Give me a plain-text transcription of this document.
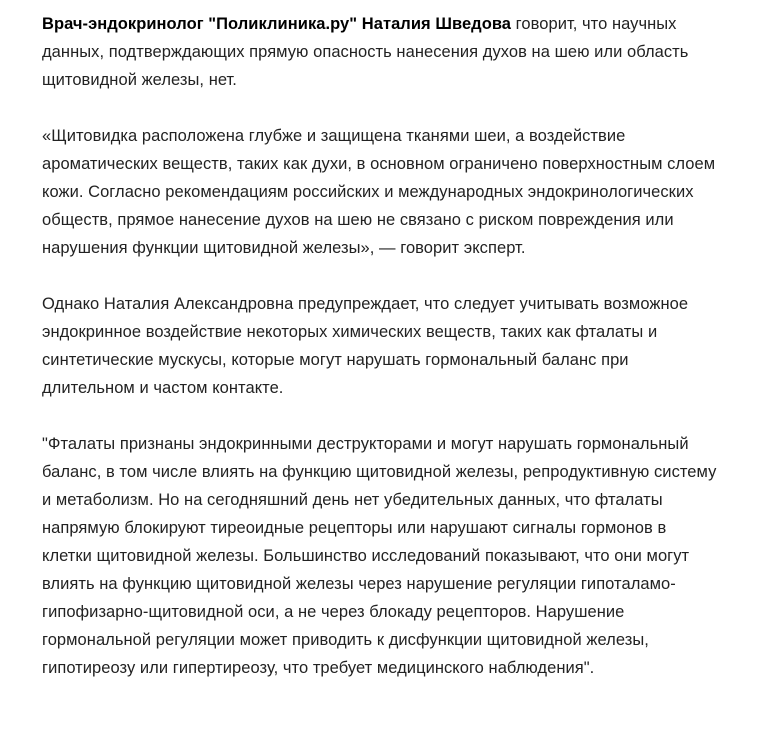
Врач-эндокринолог "Поликлиника.ру" Наталия Шведова говорит, что научных данных, подтверждающих прямую опасность нанесения духов на шею или область щитовидной железы, нет.

«Щитовидка расположена глубже и защищена тканями шеи, а воздействие ароматических веществ, таких как духи, в основном ограничено поверхностным слоем кожи. Согласно рекомендациям российских и международных эндокринологических обществ, прямое нанесение духов на шею не связано с риском повреждения или нарушения функции щитовидной железы», — говорит эксперт.

Однако Наталия Александровна предупреждает, что следует учитывать возможное эндокринное воздействие некоторых химических веществ, таких как фталаты и синтетические мускусы, которые могут нарушать гормональный баланс при длительном и частом контакте.

"Фталаты признаны эндокринными деструкторами и могут нарушать гормональный баланс, в том числе влиять на функцию щитовидной железы, репродуктивную систему и метаболизм. Но на сегодняшний день нет убедительных данных, что фталаты напрямую блокируют тиреоидные рецепторы или нарушают сигналы гормонов в клетки щитовидной железы. Большинство исследований показывают, что они могут влиять на функцию щитовидной железы через нарушение регуляции гипоталамо-гипофизарно-щитовидной оси, а не через блокаду рецепторов. Нарушение гормональной регуляции может приводить к дисфункции щитовидной железы, гипотиреозу или гипертиреозу, что требует медицинского наблюдения".
